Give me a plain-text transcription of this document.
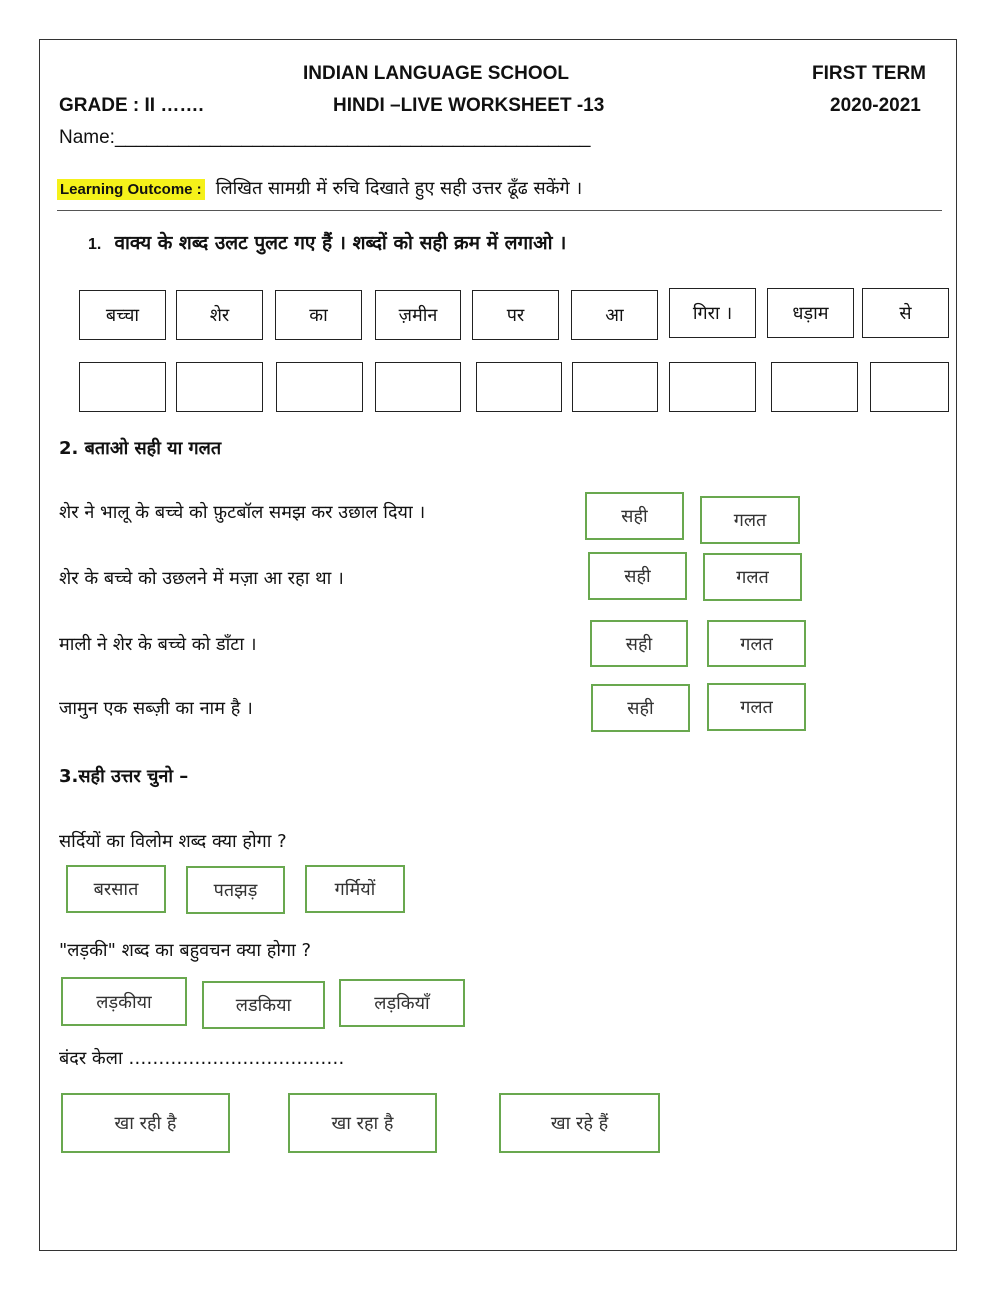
INDIAN LANGUAGE SCHOOL	FIRST TERM
GRADE : II …….	HINDI –LIVE WORKSHEET -13	2020-2021
Name:_____________________________________________
Learning Outcome : लिखित सामग्री में रुचि दिखाते हुए सही उत्तर ढूँढ सकेंगे ।
1. वाक्य के शब्द उलट पुलट गए हैं । शब्दों को सही क्रम में लगाओ ।
बच्चा	शेर	का	ज़मीन	पर	आ	गिरा ।	धड़ाम	से
2. बताओ सही या गलत
शेर ने भालू के बच्चे को फ़ुटबॉल समझ कर उछाल दिया ।	सही	गलत
शेर के बच्चे को उछलने में मज़ा आ रहा था ।	सही	गलत
माली ने शेर के बच्चे को डाँटा ।	सही	गलत
जामुन एक सब्ज़ी का नाम है ।	सही	गलत
3.सही उत्तर चुनो –
सर्दियों का विलोम शब्द क्या होगा ?
बरसात	पतझड़	गर्मियों
"लड़की" शब्द का बहुवचन क्या होगा ?
लड़कीया	लडकिया	लड़कियाँ
बंदर केला ………………………………
खा रही है	खा रहा है	खा रहे हैं
